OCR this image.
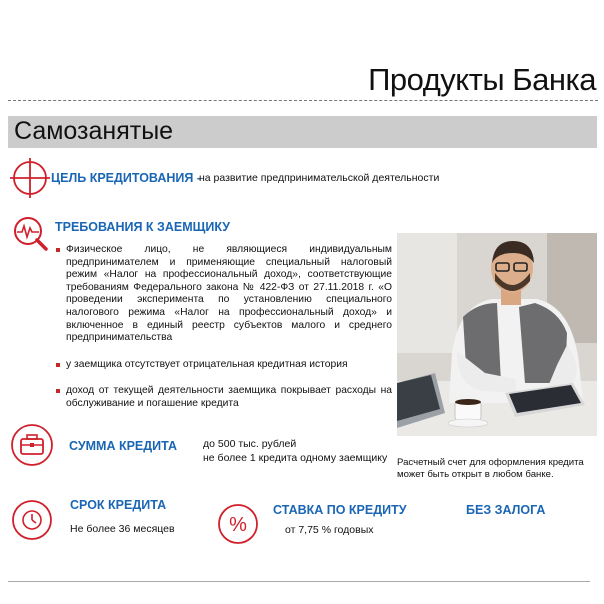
Продукты Банка
Самозанятые
ЦЕЛЬ КРЕДИТОВАНИЯ -
на развитие предпринимательской деятельности
ТРЕБОВАНИЯ К ЗАЕМЩИКУ
Физическое лицо, не являющиеся индивидуальным предпринимателем и применяющие специальный налоговый режим «Налог на профессиональный доход», соответствующие требованиям Федерального закона № 422-ФЗ от 27.11.2018 г. «О проведении эксперимента по установлению специального налогового режима «Налог на профессиональный доход» и включенное в единый реестр субъектов малого и среднего предпринимательства
у заемщика отсутствует отрицательная кредитная история
доход от текущей деятельности заемщика покрывает расходы на обслуживание и погашение кредита
Расчетный счет для оформления кредита может быть открыт в любом банке.
СУММА КРЕДИТА до 500 тыс. рублей
не более 1 кредита одному заемщику
СРОК КРЕДИТА
Не более 36 месяцев	%
СТАВКА ПО КРЕДИТУ
от 7,75 % годовых
БЕЗ ЗАЛОГА
